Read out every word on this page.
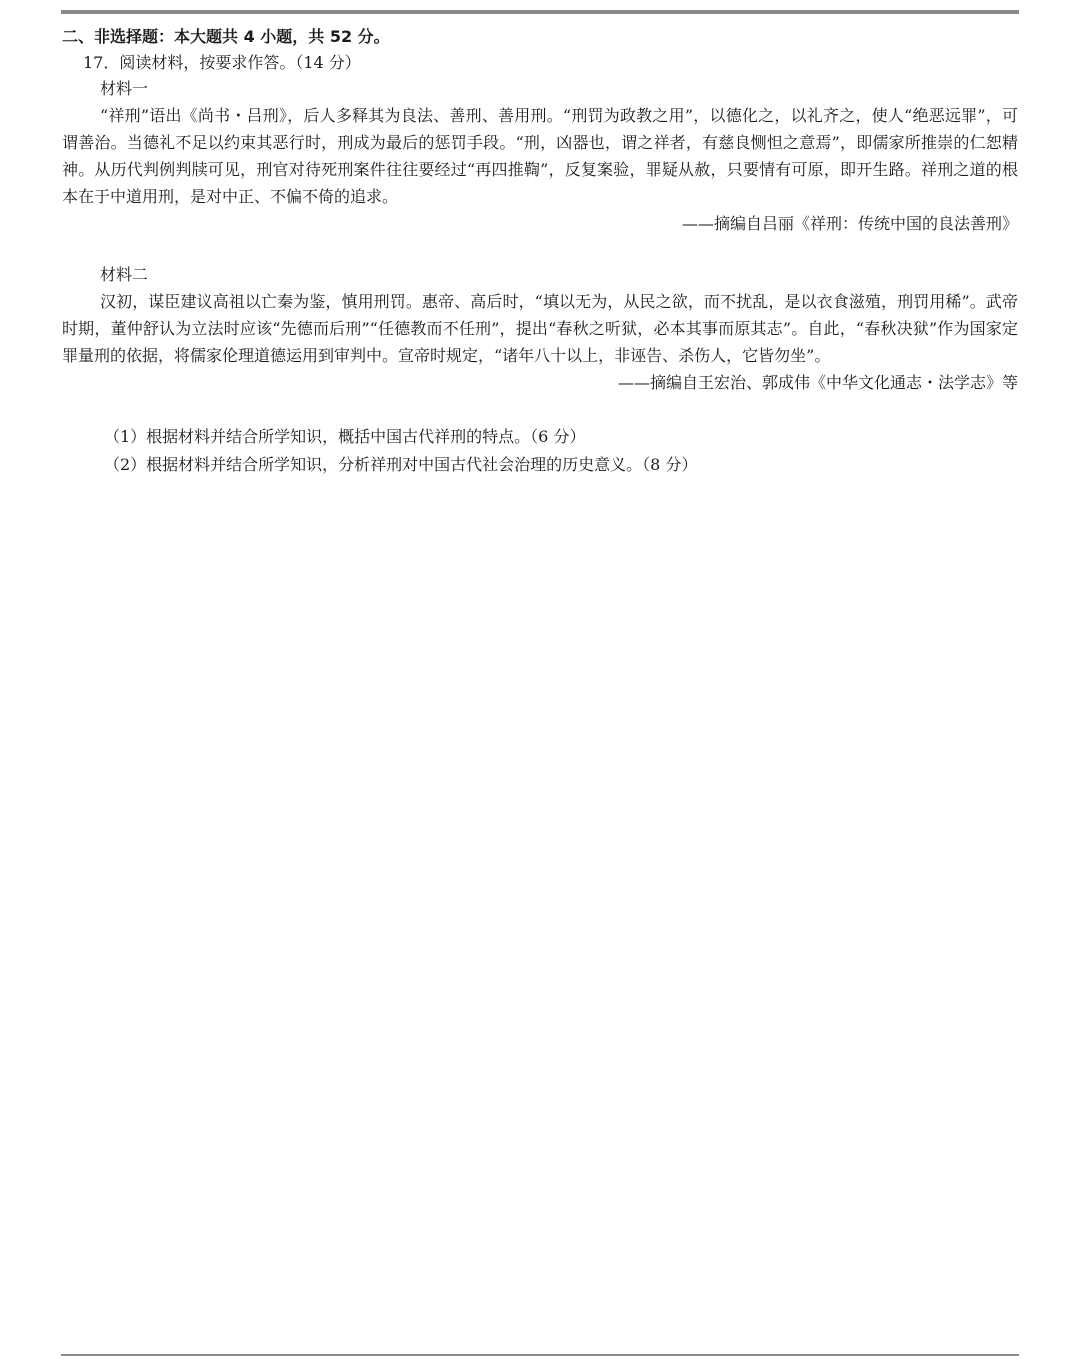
二、非选择题：本大题共 4 小题，共 52 分。

17．阅读材料，按要求作答。（14 分）

材料一

“祥刑”语出《尚书・吕刑》，后人多释其为良法、善刑、善用刑。“刑罚为政教之用”，以德化之，以礼齐之，使人“绝恶远罪”，可谓善治。当德礼不足以约束其恶行时，刑成为最后的惩罚手段。“刑，凶器也，谓之祥者，有慈良恻怛之意焉”，即儒家所推崇的仁恕精神。从历代判例判牍可见，刑官对待死刑案件往往要经过“再四推鞫”，反复案验，罪疑从赦，只要情有可原，即开生路。祥刑之道的根本在于中道用刑，是对中正、不偏不倚的追求。

——摘编自吕丽《祥刑：传统中国的良法善刑》

材料二

汉初，谋臣建议高祖以亡秦为鉴，慎用刑罚。惠帝、高后时，“填以无为，从民之欲，而不扰乱，是以衣食滋殖，刑罚用稀”。武帝时期，董仲舒认为立法时应该“先德而后刑”“任德教而不任刑”，提出“春秋之听狱，必本其事而原其志”。自此，“春秋决狱”作为国家定罪量刑的依据，将儒家伦理道德运用到审判中。宣帝时规定，“诸年八十以上，非诬告、杀伤人，它皆勿坐”。

——摘编自王宏治、郭成伟《中华文化通志・法学志》等

（1）根据材料并结合所学知识，概括中国古代祥刑的特点。（6 分）

（2）根据材料并结合所学知识，分析祥刑对中国古代社会治理的历史意义。（8 分）
